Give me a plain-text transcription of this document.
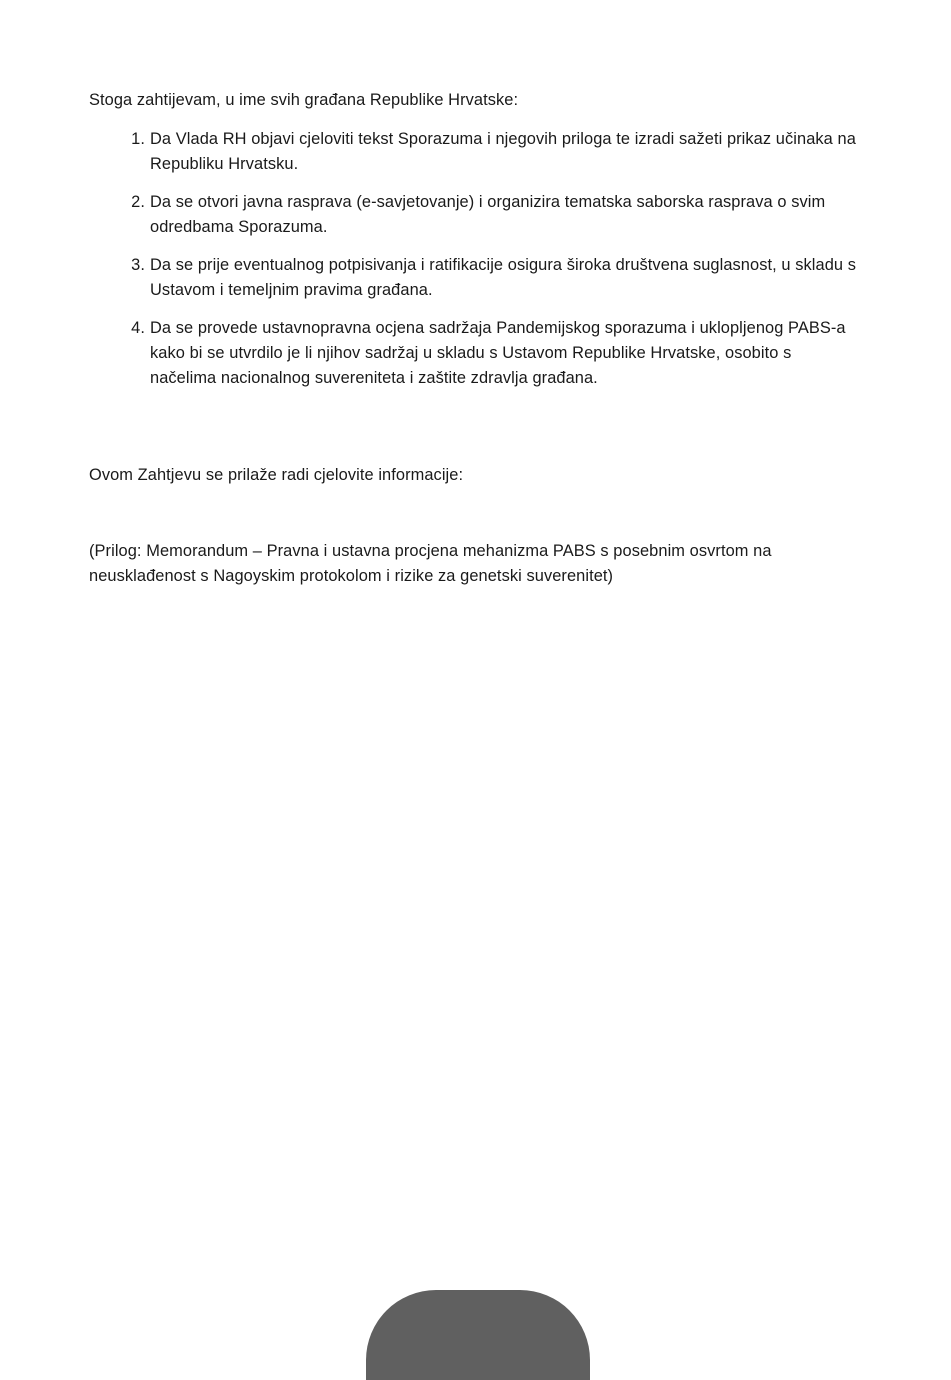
Stoga zahtijevam, u ime svih građana Republike Hrvatske:

1. Da Vlada RH objavi cjeloviti tekst Sporazuma i njegovih priloga te izradi sažeti prikaz učinaka na Republiku Hrvatsku.
2. Da se otvori javna rasprava (e-savjetovanje) i organizira tematska saborska rasprava o svim odredbama Sporazuma.
3. Da se prije eventualnog potpisivanja i ratifikacije osigura široka društvena suglasnost, u skladu s Ustavom i temeljnim pravima građana.
4. Da se provede ustavnopravna ocjena sadržaja Pandemijskog sporazuma i uklopljenog PABS-a kako bi se utvrdilo je li njihov sadržaj u skladu s Ustavom Republike Hrvatske, osobito s načelima nacionalnog suvereniteta i zaštite zdravlja građana.

Ovom Zahtjevu se prilaže radi cjelovite informacije:

(Prilog: Memorandum – Pravna i ustavna procjena mehanizma PABS s posebnim osvrtom na neusklađenost s Nagoyskim protokolom i rizike za genetski suverenitet)
